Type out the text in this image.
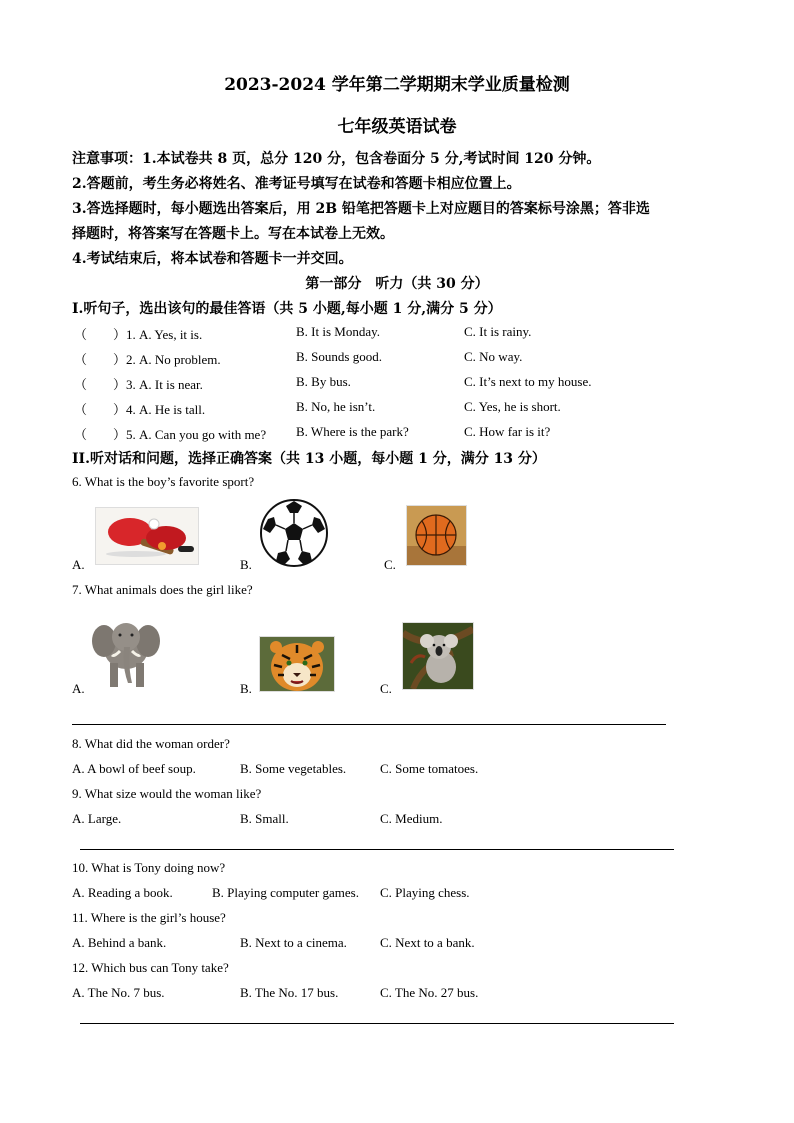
2023-2024 学年第二学期期末学业质量检测
七年级英语试卷
注意事项：1.本试卷共 8 页，总分 120 分，包含卷面分 5 分,考试时间 120 分钟。
2.答题前，考生务必将姓名、准考证号填写在试卷和答题卡相应位置上。
3.答选择题时，每小题选出答案后，用 2B 铅笔把答题卡上对应题目的答案标号涂黑；答非选
择题时，将答案写在答题卡上。写在本试卷上无效。
4.考试结束后，将本试卷和答题卡一并交回。
第一部分　听力（共 30 分）
I.听句子，选出该句的最佳答语（共 5 小题,每小题 1 分,满分 5 分）
（　　）1. A. Yes, it is.	B. It is Monday.	C. It is rainy.
（　　）2. A. No problem.	B. Sounds good.	C. No way.
（　　）3. A. It is near.	B. By bus.	C. It’s next to my house.
（　　）4. A. He is tall.	B. No, he isn’t.	C. Yes, he is short.
（　　）5. A. Can you go with me? B. Where is the park?	C. How far is it?
II.听对话和问题，选择正确答案（共 13 小题，每小题 1 分，满分 13 分）
6. What is the boy’s favorite sport?
A.	B.	C.
7. What animals does the girl like?
A.	B.	C.
8. What did the woman order?
A. A bowl of beef soup.	B. Some vegetables.	C. Some tomatoes.
9. What size would the woman like?
A. Large.	B. Small.	C. Medium.
10. What is Tony doing now?
A. Reading a book.	B. Playing computer games. C. Playing chess.
11. Where is the girl’s house?
A. Behind a bank.	B. Next to a cinema.	C. Next to a bank.
12. Which bus can Tony take?
A. The No. 7 bus.	B. The No. 17 bus.	C. The No. 27 bus.
